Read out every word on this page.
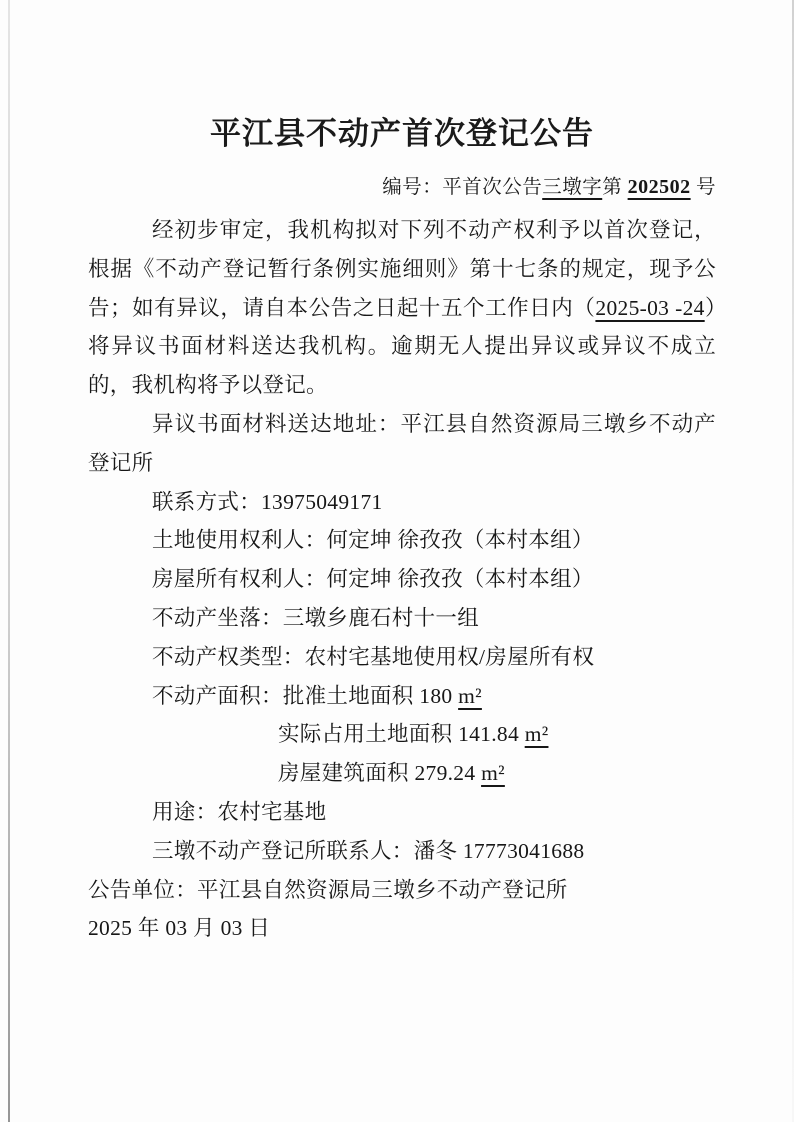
平江县不动产首次登记公告
编号：平首次公告三墩字第 202502 号

经初步审定，我机构拟对下列不动产权利予以首次登记，根据《不动产登记暂行条例实施细则》第十七条的规定，现予公告；如有异议，请自本公告之日起十五个工作日内（2025-03 -24）将异议书面材料送达我机构。逾期无人提出异议或异议不成立的，我机构将予以登记。

异议书面材料送达地址：平江县自然资源局三墩乡不动产登记所

联系方式：13975049171

土地使用权利人：何定坤 徐孜孜（本村本组）

房屋所有权利人：何定坤 徐孜孜（本村本组）

不动产坐落：三墩乡鹿石村十一组

不动产权类型：农村宅基地使用权/房屋所有权

不动产面积：批准土地面积 180 m²

实际占用土地面积 141.84 m²

房屋建筑面积 279.24 m²

用途：农村宅基地

三墩不动产登记所联系人：潘冬 17773041688

公告单位：平江县自然资源局三墩乡不动产登记所

2025 年 03 月 03 日
